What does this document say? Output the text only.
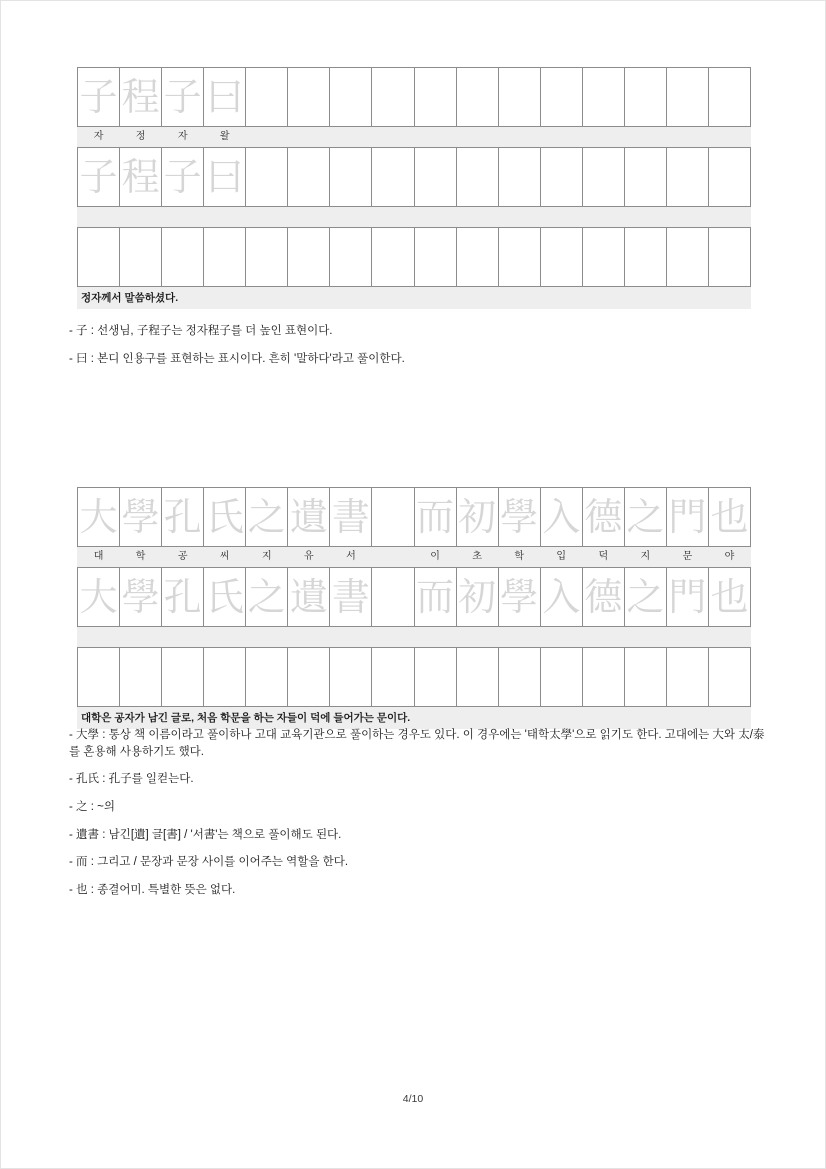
子	程	子	曰												

자	정	자	왈												

子	程	子	曰												

정자께서 말씀하셨다.

- 子 : 선생님, 子程子는 정자程子를 더 높인 표현이다.

- 曰 : 본디 인용구를 표현하는 표시이다. 흔히 '말하다'라고 풀이한다.

大	學	孔	氏	之	遺	書		而	初	學	入	德	之	門	也

대	학	공	씨	지	유	서		이	초	학	입	덕	지	문	야

大	學	孔	氏	之	遺	書		而	初	學	入	德	之	門	也

대학은 공자가 남긴 글로, 처음 학문을 하는 자들이 덕에 들어가는 문이다.

- 大學 : 통상 책 이름이라고 풀이하나 고대 교육기관으로 풀이하는 경우도 있다. 이 경우에는 '태학太學'으로 읽기도 한다. 고대에는 大와 太/泰를 혼용해 사용하기도 했다.

- 孔氏 : 孔子를 일컫는다.

- 之 : ~의

- 遺書 : 남긴[遺] 글[書] / '서書'는 책으로 풀이해도 된다.

- 而 : 그리고 / 문장과 문장 사이를 이어주는 역할을 한다.

- 也 : 종결어미. 특별한 뜻은 없다.

4/10
